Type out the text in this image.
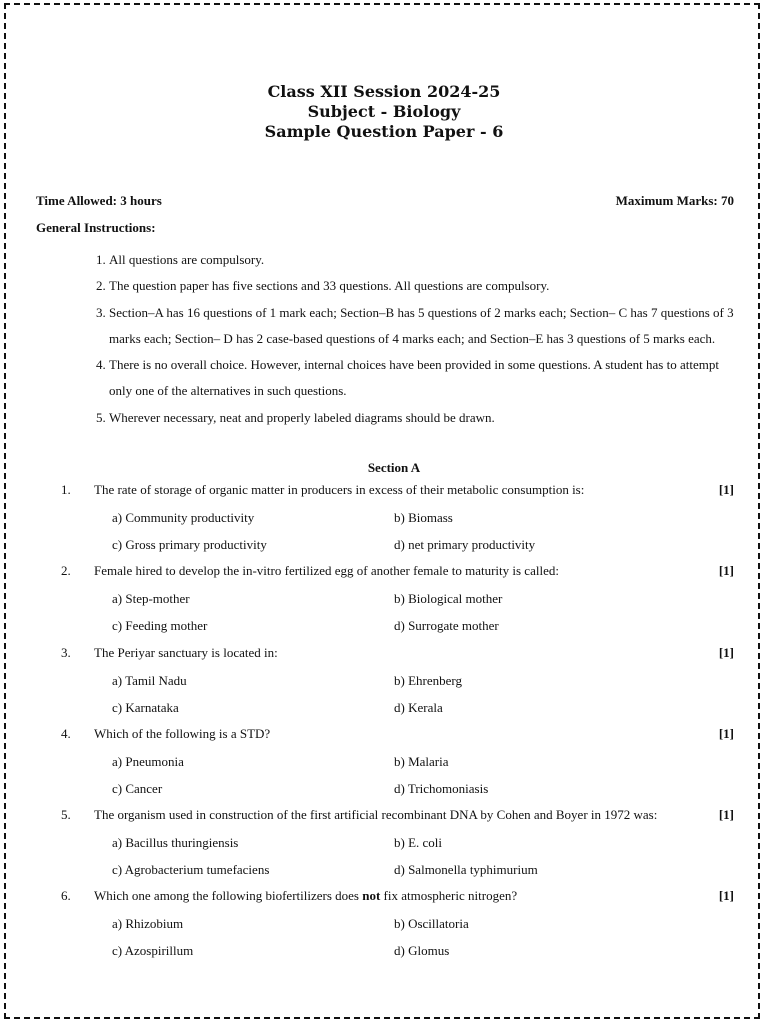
Class XII Session 2024-25
Subject - Biology
Sample Question Paper - 6
Time Allowed: 3 hours	Maximum Marks: 70
General Instructions:
1. All questions are compulsory.
2. The question paper has five sections and 33 questions. All questions are compulsory.
3. Section–A has 16 questions of 1 mark each; Section–B has 5 questions of 2 marks each; Section– C has 7 questions of 3 marks each; Section– D has 2 case-based questions of 4 marks each; and Section–E has 3 questions of 5 marks each.
4. There is no overall choice. However, internal choices have been provided in some questions. A student has to attempt only one of the alternatives in such questions.
5. Wherever necessary, neat and properly labeled diagrams should be drawn.
Section A
1. The rate of storage of organic matter in producers in excess of their metabolic consumption is:	[1]
a) Community productivity	b) Biomass
c) Gross primary productivity	d) net primary productivity
2. Female hired to develop the in-vitro fertilized egg of another female to maturity is called:	[1]
a) Step-mother	b) Biological mother
c) Feeding mother	d) Surrogate mother
3. The Periyar sanctuary is located in:	[1]
a) Tamil Nadu	b) Ehrenberg
c) Karnataka	d) Kerala
4. Which of the following is a STD?	[1]
a) Pneumonia	b) Malaria
c) Cancer	d) Trichomoniasis
5. The organism used in construction of the first artificial recombinant DNA by Cohen and Boyer in 1972 was:	[1]
a) Bacillus thuringiensis	b) E. coli
c) Agrobacterium tumefaciens	d) Salmonella typhimurium
6. Which one among the following biofertilizers does not fix atmospheric nitrogen?	[1]
a) Rhizobium	b) Oscillatoria
c) Azospirillum	d) Glomus
